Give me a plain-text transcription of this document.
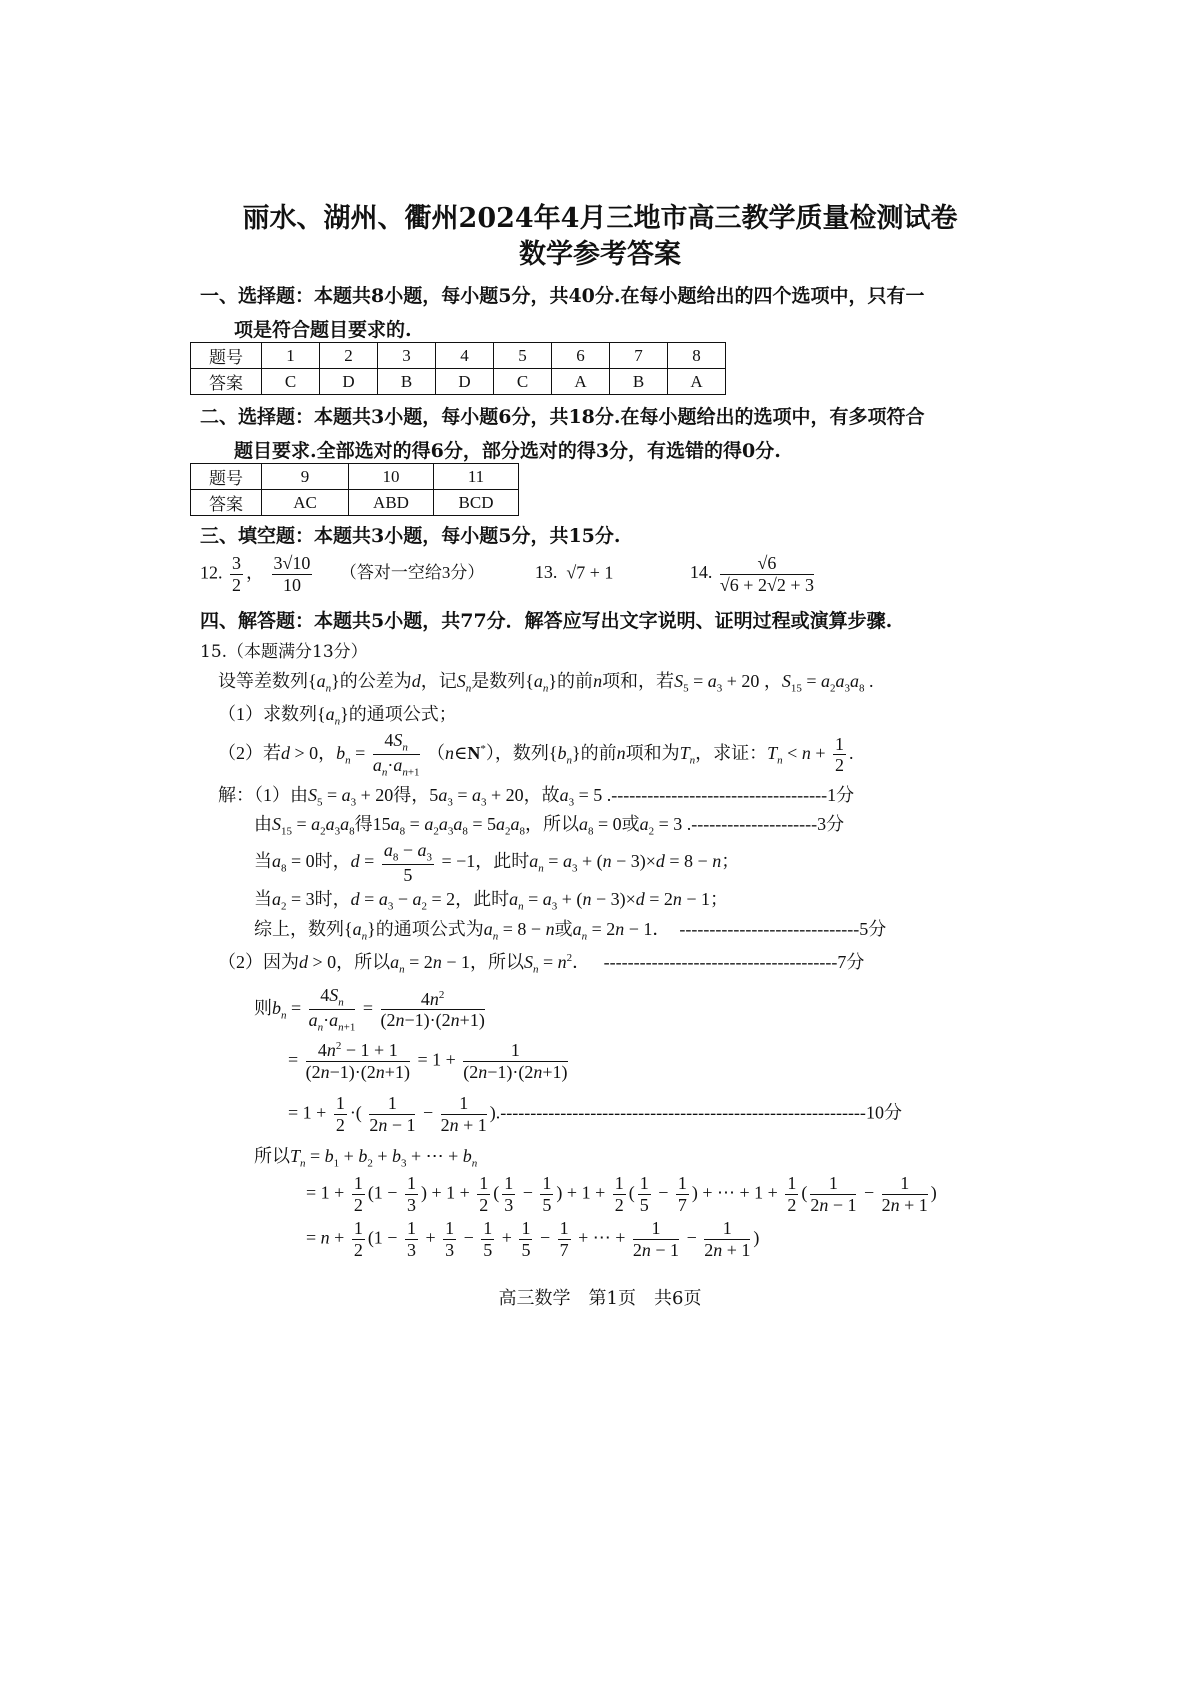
丽水、湖州、衢州2024年4月三地市高三教学质量检测试卷
数学参考答案
一、选择题：本题共8小题，每小题5分，共40分.在每小题给出的四个选项中，只有一
项是符合题目要求的.
题号	1	2	3	4	5	6	7	8
答案	C	D	B	D	C	A	B	A
二、选择题：本题共3小题，每小题6分，共18分.在每小题给出的选项中，有多项符合
题目要求.全部选对的得6分，部分选对的得3分，有选错的得0分.
题号	9	10	11
答案	AC	ABD	BCD
三、填空题：本题共3小题，每小题5分，共15分.
12. $\frac{3}{2}$ ， $\frac{3√10}{10}$ （答对一空给3分）	13.  √7 + 1	14. $\frac{√6}{√6 + 2√2 + 3}$
四、解答题：本题共5小题，共77分．解答应写出文字说明、证明过程或演算步骤.
15.（本题满分13分）
设等差数列$\{a_n\}$的公差为d，记$S_n$是数列$\{a_n\}$的前n项和，若$S_5 = a_3 + 20$ ，$S_{15} = a_2a_3a_8$ .
（1）求数列$\{a_n\}$的通项公式；
（2）若d > 0，$b_n = \frac{4S_n}{a_n\cdot a_{n+1}}$ （n∈N*），数列$\{b_n\}$的前n项和为$T_n$，求证：$T_n < n + \frac{1}{2}$ .
解：（1）由$S_5 = a_3 + 20$得，$5a_3 = a_3 + 20$，故$a_3 = 5$ .------------------------------------1分
由$S_{15} = a_2a_3a_8$得$15a_8 = a_2a_3a_8 = 5a_2a_8$，所以$a_8 = 0$或$a_2 = 3$ .---------------------3分
当$a_8 = 0$时，$d = \frac{a_8 - a_3}{5} = -1$，此时$a_n = a_3 + (n - 3)\times d = 8 - n$；
当$a_2 = 3$时，$d = a_3 - a_2 = 2$，此时$a_n = a_3 + (n - 3)\times d = 2n - 1$；
综上，数列$\{a_n\}$的通项公式为$a_n = 8 - n$或$a_n = 2n - 1$．  ------------------------------5分
（2）因为d > 0，所以$a_n = 2n - 1$，所以$S_n = n^2$．   ---------------------------------------7分
则$b_n = \frac{4S_n}{a_n\cdot a_{n+1}} = \frac{4n^2}{(2n-1)\cdot(2n+1)}$
= $\frac{4n^2 - 1 + 1}{(2n-1)\cdot(2n+1)} = 1 + \frac{1}{(2n-1)\cdot(2n+1)}$
= $1 + \frac{1}{2}$ ·( $\frac{1}{2n - 1} - \frac{1}{2n + 1} ).-------------------------------------------------------------10$分
所以$T_n = b_1 + b_2 + b_3$ + ⋯ + $b_n$
= $1 + \frac{1}{2} (1 - \frac{1}{3}$ ) + $1 + \frac{1}{2}$ ( $\frac{1}{3} - \frac{1}{5}$ ) + $1 + \frac{1}{2}$ ( $\frac{1}{5} - \frac{1}{7}$ ) + ⋯ + $1 + \frac{1}{2}$ ( $\frac{1}{2n - 1} - \frac{1}{2n + 1}$ )
= $n + \frac{1}{2} (1 - \frac{1}{3} + \frac{1}{3} - \frac{1}{5} + \frac{1}{5} - \frac{1}{7}$ + ⋯ + $\frac{1}{2n - 1} - \frac{1}{2n + 1}$ )
高三数学　第1页　共6页
